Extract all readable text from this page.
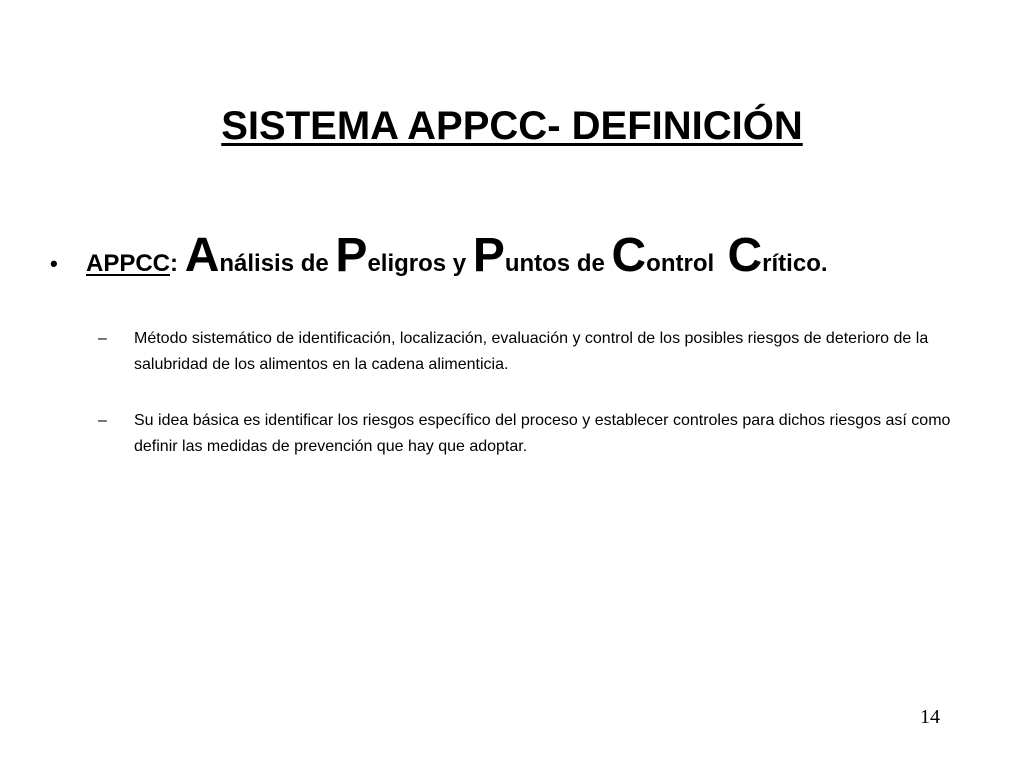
SISTEMA APPCC- DEFINICIÓN
• APPCC: Análisis de Peligros y Puntos de Control  Crítico.
–	Método sistemático de identificación, localización, evaluación y control de los posibles riesgos de deterioro de la salubridad de los alimentos en la cadena alimenticia.
–	Su idea básica es identificar los riesgos específico del proceso y establecer controles para dichos riesgos así como definir las medidas de prevención que hay que adoptar.
14
